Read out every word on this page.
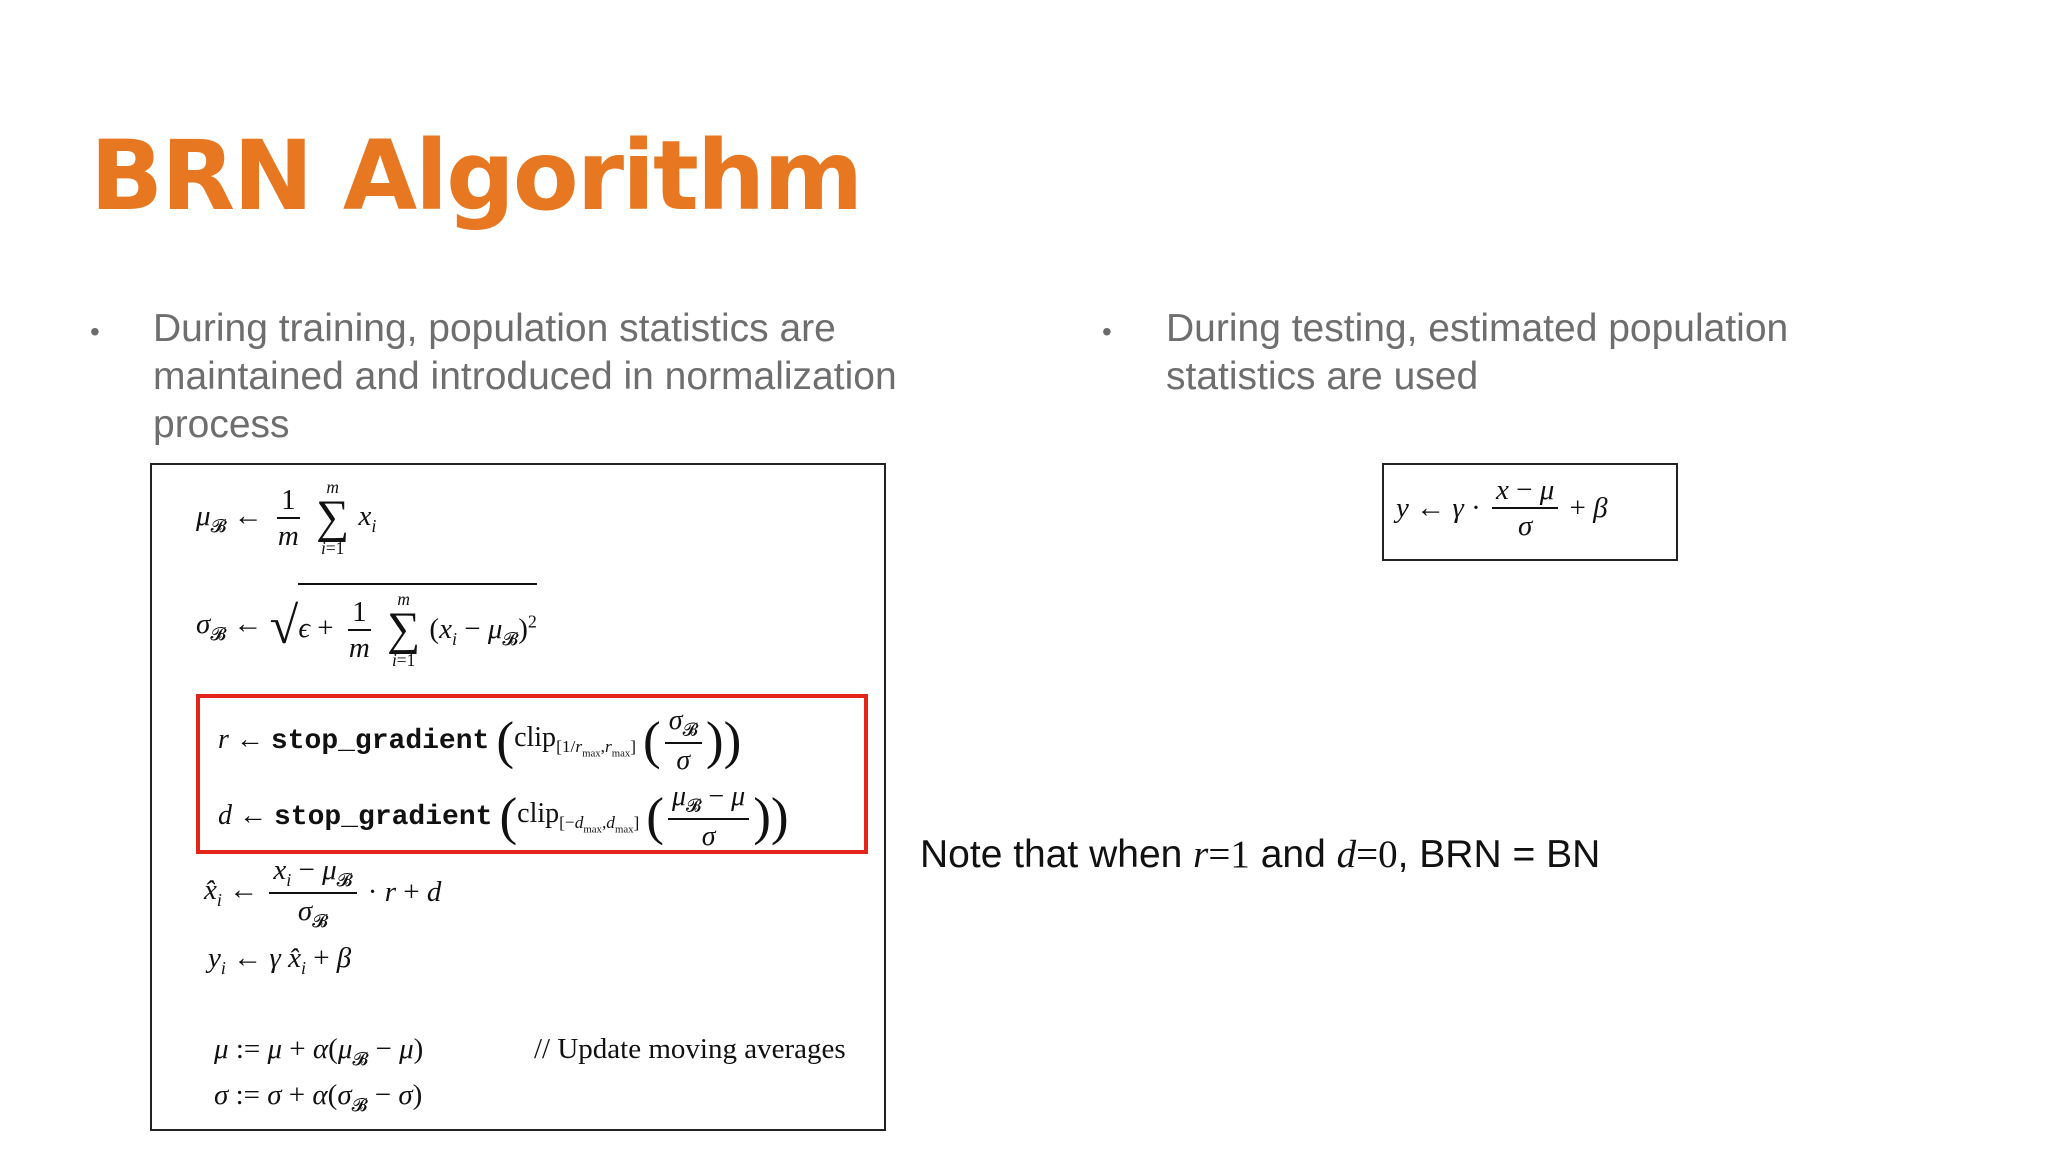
BRN Algorithm
• During training, population statistics are maintained and introduced in normalization process
• During testing, estimated population statistics are used
$\mu_𝓑$ ← $\frac{1}{m}$
m
∑
i=1
$x_i$
$\sigma_𝓑$ ← $√\epsilon + \frac{1}{m}$
m
∑
i=1
$(x_i - \mu_𝓑)^2$
$x̂_i$ ← $\frac{x_i - \mu_𝓑}{\sigma_𝓑} \cdot r + d$
$y_i$ ← γ $x̂_i + \beta$
μ := $\mu + \alpha(\mu_𝓑 - \mu)$
σ := $\sigma + \alpha(\sigma_𝓑 - \sigma)$
// Update moving averages
r ← stop_gradient (clip$_{[1/r_{max},r_{max}]}$ ( $\frac{\sigma_𝓑}{\sigma}$ ))
d ← stop_gradient (clip$_{[-d_{max},d_{max}]}$ ( $\frac{\mu_𝓑 - \mu}{\sigma}$ ))
y ← $\gamma \cdot \frac{x - \mu}{\sigma} + \beta$
Note that when r=1 and d=0, BRN = BN
